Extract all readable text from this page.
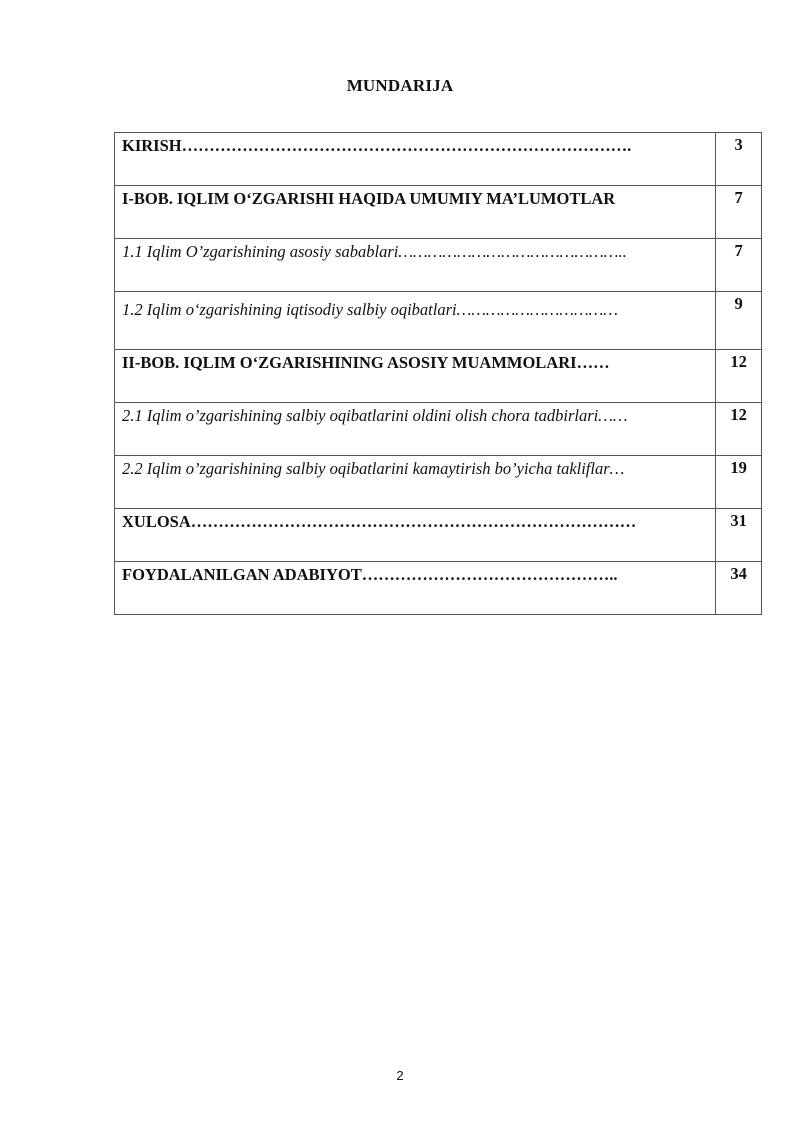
MUNDARIJA
KIRISH……………………………………………………………………….	3
I-BOB. IQLIM O‘ZGARISHI HAQIDA UMUMIY MA’LUMOTLAR	7
1.1 Iqlim O’zgarishining asosiy sabablari………………………………………..	7
1.2 Iqlim o‘zgarishining iqtisodiy salbiy oqibatlari……………………………	9
II-BOB. IQLIM O‘ZGARISHINING ASOSIY MUAMMOLARI……	12
2.1 Iqlim o’zgarishining salbiy oqibatlarini oldini olish chora tadbirlari……	12
2.2 Iqlim o’zgarishining salbiy oqibatlarini kamaytirish bo’yicha takliflar…	19
XULOSA………………………………………………………………………	31
FOYDALANILGAN ADABIYOT………………………………………..	34
2
